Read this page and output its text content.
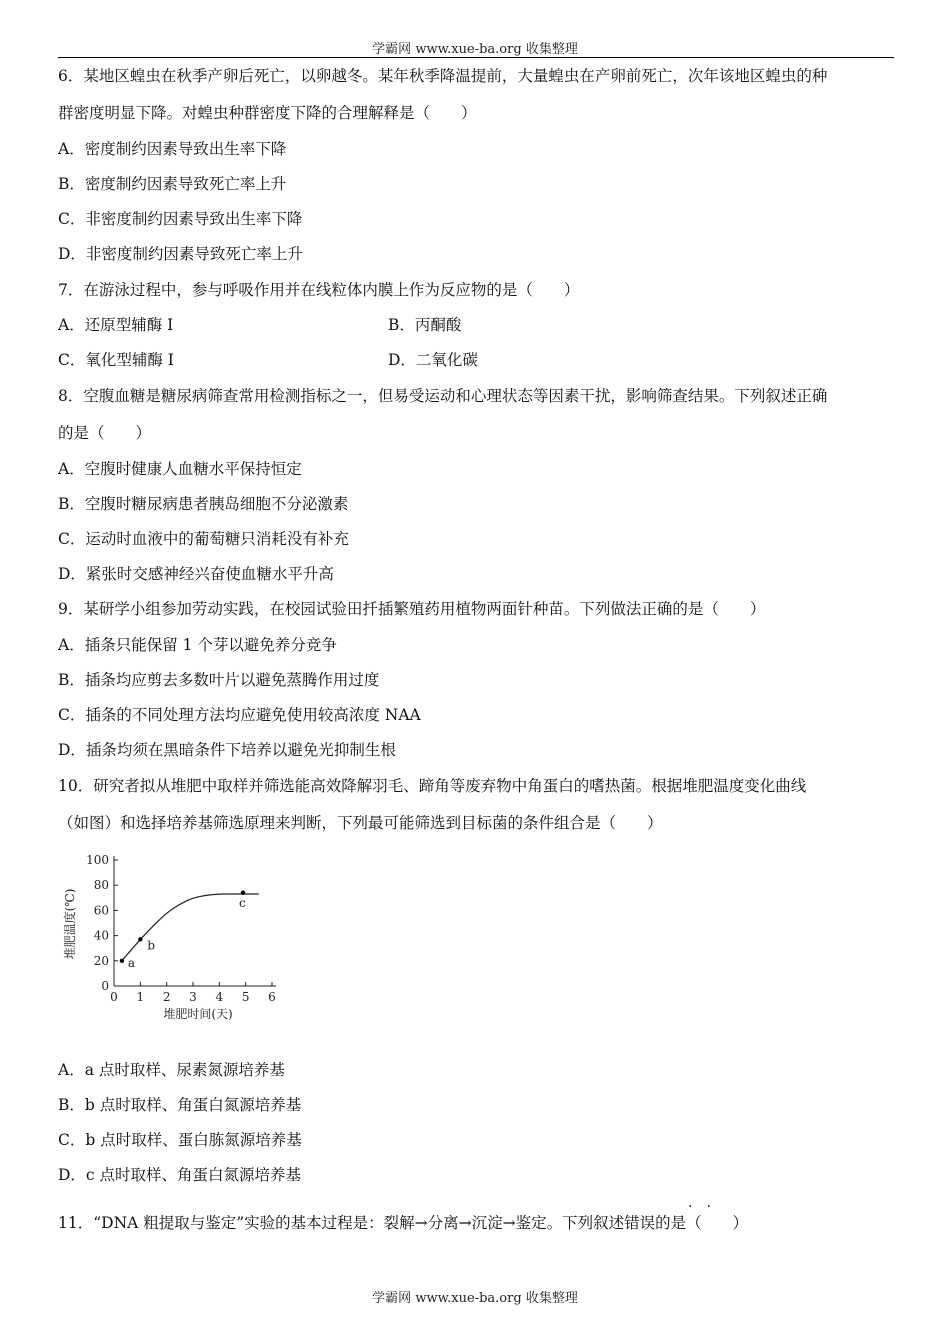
学霸网 www.xue-ba.org 收集整理
6．某地区蝗虫在秋季产卵后死亡，以卵越冬。某年秋季降温提前，大量蝗虫在产卵前死亡，次年该地区蝗虫的种
群密度明显下降。对蝗虫种群密度下降的合理解释是（　　）
A．密度制约因素导致出生率下降
B．密度制约因素导致死亡率上升
C．非密度制约因素导致出生率下降
D．非密度制约因素导致死亡率上升
7．在游泳过程中，参与呼吸作用并在线粒体内膜上作为反应物的是（　　）
A．还原型辅酶 I	B．丙酮酸
C．氧化型辅酶 I	D．二氧化碳
8．空腹血糖是糖尿病筛查常用检测指标之一，但易受运动和心理状态等因素干扰，影响筛查结果。下列叙述正确
的是（　　）
A．空腹时健康人血糖水平保持恒定
B．空腹时糖尿病患者胰岛细胞不分泌激素
C．运动时血液中的葡萄糖只消耗没有补充
D．紧张时交感神经兴奋使血糖水平升高
9．某研学小组参加劳动实践，在校园试验田扦插繁殖药用植物两面针种苗。下列做法正确的是（　　）
A．插条只能保留 1 个芽以避免养分竞争
B．插条均应剪去多数叶片以避免蒸腾作用过度
C．插条的不同处理方法均应避免使用较高浓度 NAA
D．插条均须在黑暗条件下培养以避免光抑制生根
10．研究者拟从堆肥中取样并筛选能高效降解羽毛、蹄角等废弃物中角蛋白的嗜热菌。根据堆肥温度变化曲线
（如图）和选择培养基筛选原理来判断，下列最可能筛选到目标菌的条件组合是（　　）
0
20
40
60
80
100
0 1 2 3 4 5 6
a
b
c
堆肥时间(天)
堆肥温度(℃)
A．a 点时取样、尿素氮源培养基
B．b 点时取样、角蛋白氮源培养基
C．b 点时取样、蛋白胨氮源培养基
D．c 点时取样、角蛋白氮源培养基
·　·
11．“DNA 粗提取与鉴定”实验的基本过程是：裂解→分离→沉淀→鉴定。下列叙述错误的是（　　）
学霸网 www.xue-ba.org 收集整理
